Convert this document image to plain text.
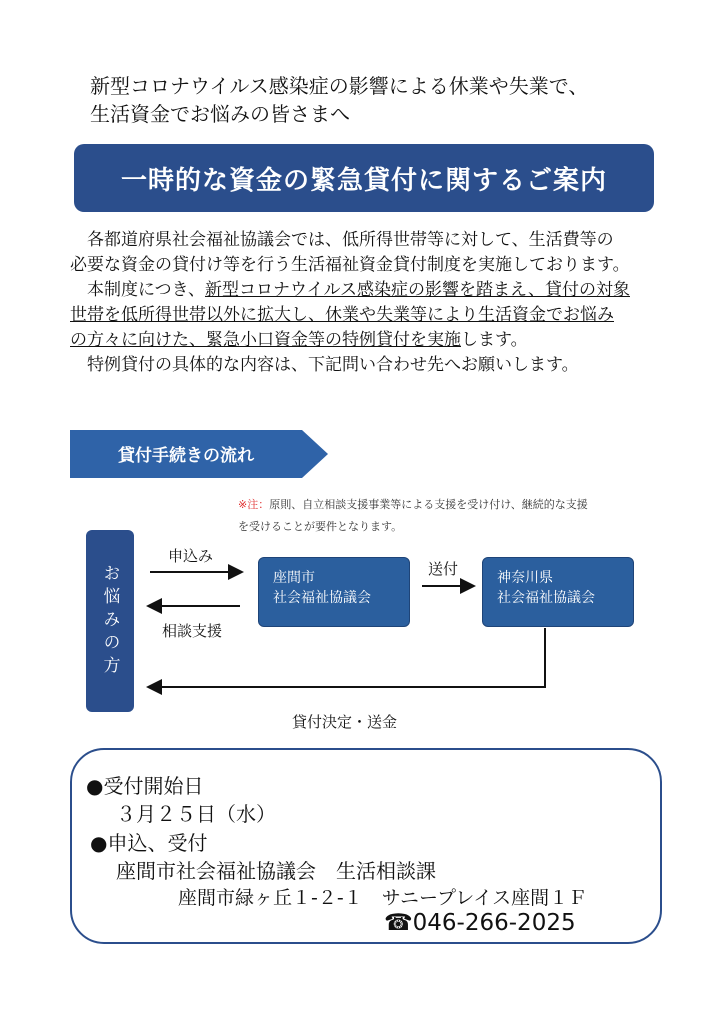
新型コロナウイルス感染症の影響による休業や失業で、
生活資金でお悩みの皆さまへ
一時的な資金の緊急貸付に関するご案内

　各都道府県社会福祉協議会では、低所得世帯等に対して、生活費等の必要な資金の貸付け等を行う生活福祉資金貸付制度を実施しております。

　本制度につき、新型コロナウイルス感染症の影響を踏まえ、貸付の対象世帯を低所得世帯以外に拡大し、休業や失業等により生活資金でお悩みの方々に向けた、緊急小口資金等の特例貸付を実施します。

　特例貸付の具体的な内容は、下記問い合わせ先へお願いします。

貸付手続きの流れ
※注：原則、自立相談支援事業等による支援を受け付け、継続的な支援
を受けることが要件となります。
お悩みの方	座間市
社会福祉協議会
神奈川県
社会福祉協議会
申込み
相談支援
送付
貸付決定・送金
●受付開始日
３月２５日（水）
●申込、受付
座間市社会福祉協議会　生活相談課
座間市緑ヶ丘１-２-１　サニープレイス座間１Ｆ
☎046-266-2025
